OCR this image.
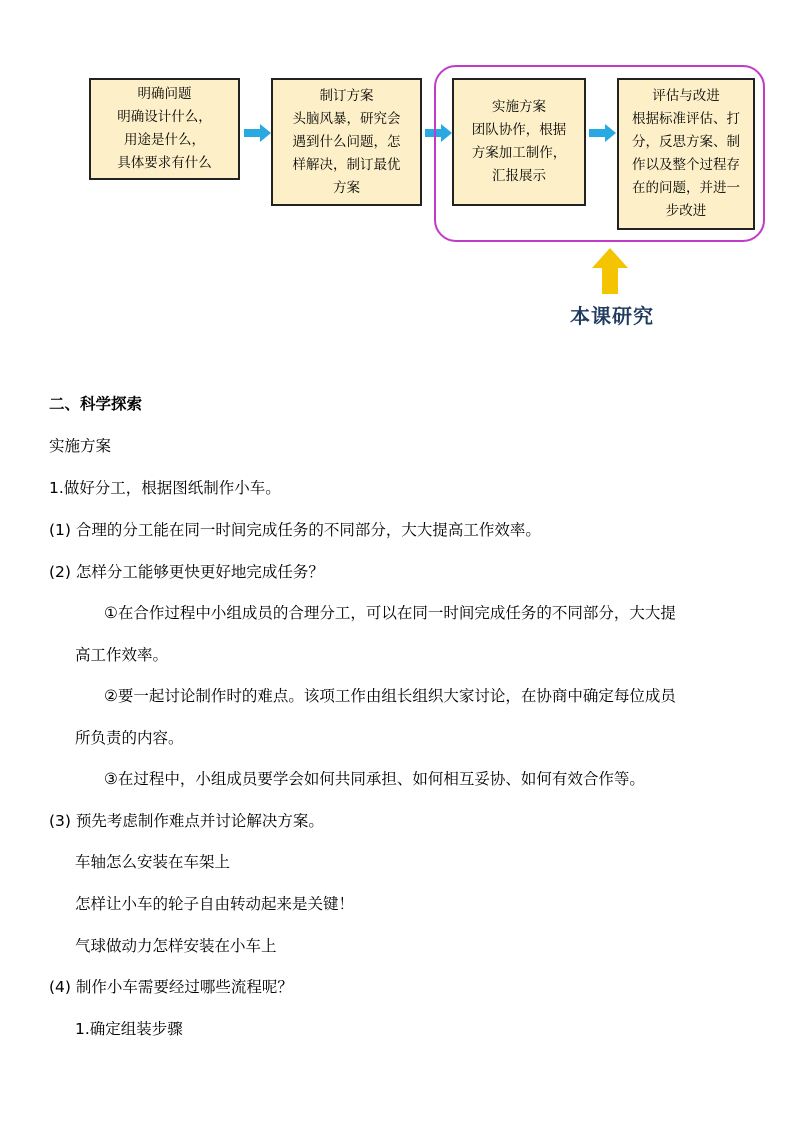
明确问题
明确设计什么，
用途是什么，
具体要求有什么
制订方案
头脑风暴，研究会
遇到什么问题，怎
样解决，制订最优
方案
实施方案
团队协作，根据
方案加工制作，
汇报展示
评估与改进
根据标准评估、打
分，反思方案、制
作以及整个过程存
在的问题，并进一
步改进
本课研究
二、科学探索
实施方案
1.做好分工，根据图纸制作小车。
(1) 合理的分工能在同一时间完成任务的不同部分，大大提高工作效率。
(2) 怎样分工能够更快更好地完成任务？
①在合作过程中小组成员的合理分工，可以在同一时间完成任务的不同部分，大大提
高工作效率。
②要一起讨论制作时的难点。该项工作由组长组织大家讨论，在协商中确定每位成员
所负责的内容。
③在过程中，小组成员要学会如何共同承担、如何相互妥协、如何有效合作等。
(3) 预先考虑制作难点并讨论解决方案。
车轴怎么安装在车架上
怎样让小车的轮子自由转动起来是关键！
气球做动力怎样安装在小车上
(4) 制作小车需要经过哪些流程呢？
1.确定组装步骤
